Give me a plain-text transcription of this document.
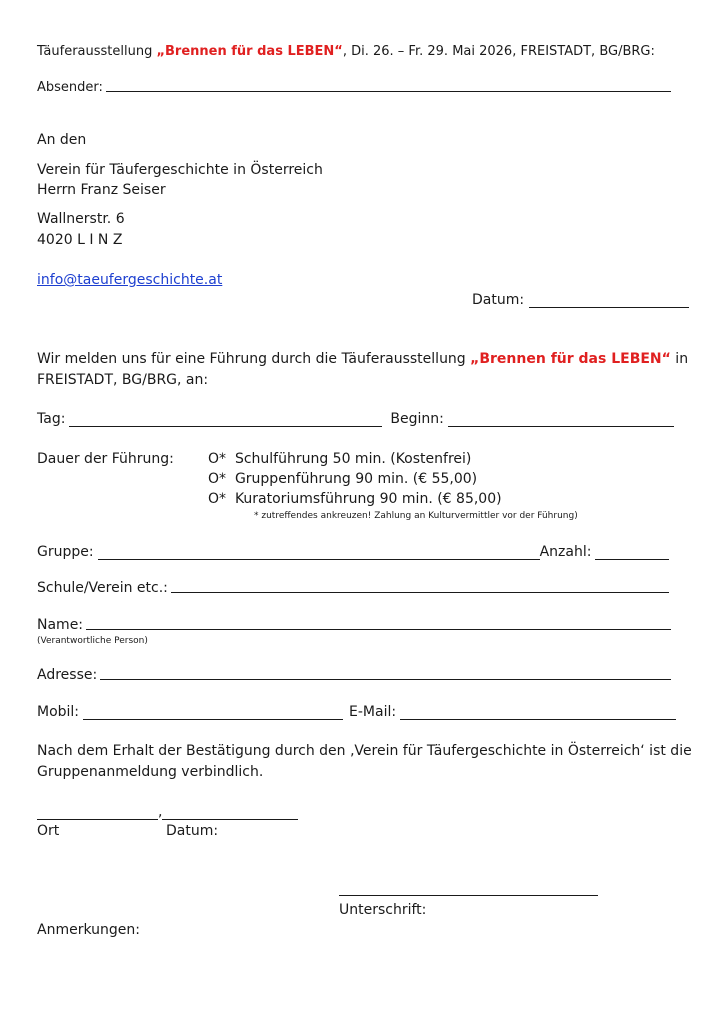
Täuferausstellung „Brennen für das LEBEN“, Di. 26. – Fr. 29. Mai 2026, FREISTADT, BG/BRG:
Absender:
An den
Verein für Täufergeschichte in Österreich
Herrn Franz Seiser
Wallnerstr. 6
4020 L I N Z
info@taeufergeschichte.at
Datum:
Wir melden uns für eine Führung durch die Täuferausstellung „Brennen für das LEBEN“ in
FREISTADT, BG/BRG, an:
Tag:	Beginn:
Dauer der Führung: O* Schulführung 50 min. (Kostenfrei)
O* Gruppenführung 90 min. (€ 55,00)
O* Kuratoriumsführung 90 min. (€ 85,00)
* zutreffendes ankreuzen! Zahlung an Kulturvermittler vor der Führung)
Gruppe:	Anzahl:
Schule/Verein etc.:
Name:
(Verantwortliche Person)
Adresse:
Mobil:	E-Mail:
Nach dem Erhalt der Bestätigung durch den ‚Verein für Täufergeschichte in Österreich‘ ist die
Gruppenanmeldung verbindlich.
,
Ort	Datum:
Unterschrift:
Anmerkungen:
